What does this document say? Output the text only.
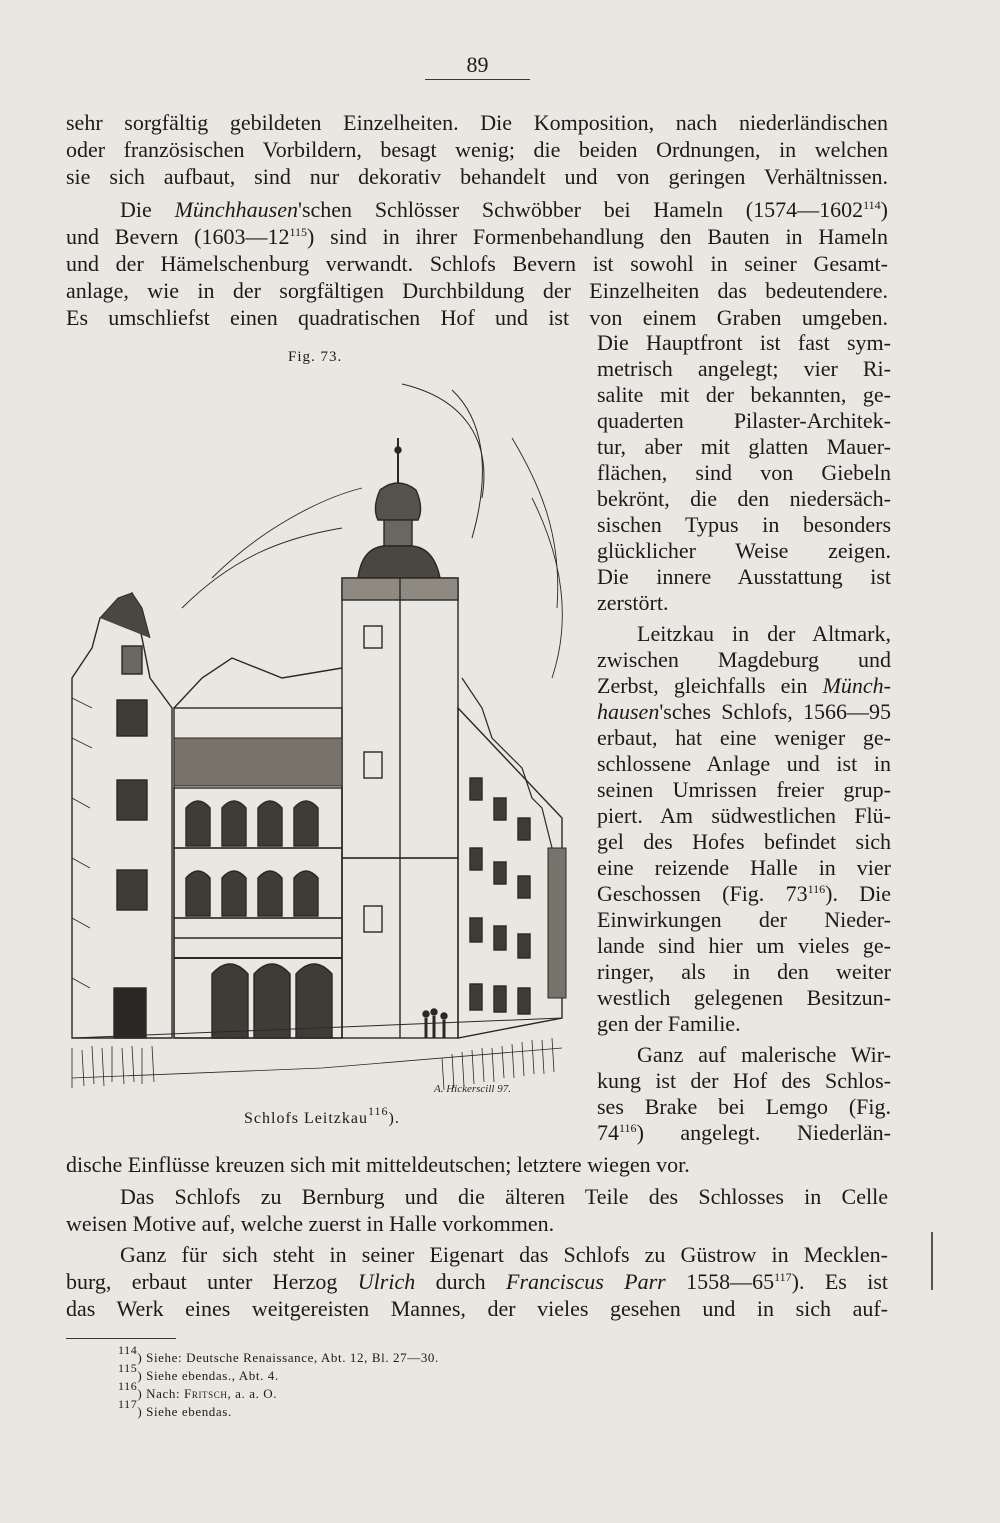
89
sehr sorgfältig gebildeten Einzelheiten. Die Komposition, nach niederländischen
oder französischen Vorbildern, besagt wenig; die beiden Ordnungen, in welchen
sie sich aufbaut, sind nur dekorativ behandelt und von geringen Verhältnissen.
Die Münchhausen'schen Schlösser Schwöbber bei Hameln (1574—1602$^{114}$)
und Bevern $(1603—12^{115})$ sind in ihrer Formenbehandlung den Bauten in Hameln
und der Hämelschenburg verwandt. Schlofs Bevern ist sowohl in seiner Gesamt-
anlage, wie in der sorgfältigen Durchbildung der Einzelheiten das bedeutendere.
Es umschliefst einen quadratischen Hof und ist von einem Graben umgeben.
Fig. 73.
A. Hickerscill 97.
Die Hauptfront ist fast sym-
metrisch angelegt; vier Ri-
salite mit der bekannten, ge-
quaderten Pilaster-Architek-
tur, aber mit glatten Mauer-
flächen, sind von Giebeln
bekrönt, die den niedersäch-
sischen Typus in besonders
glücklicher Weise zeigen.
Die innere Ausstattung ist
zerstört.
Leitzkau in der Altmark,
zwischen Magdeburg und
Zerbst, gleichfalls ein Münch-
hausen'sches Schlofs, 1566—95
erbaut, hat eine weniger ge-
schlossene Anlage und ist in
seinen Umrissen freier grup-
piert. Am südwestlichen Flü-
gel des Hofes befindet sich
eine reizende Halle in vier
Geschossen (Fig. $73^{116}$). Die
Einwirkungen der Nieder-
lande sind hier um vieles ge-
ringer, als in den weiter
westlich gelegenen Besitzun-
gen der Familie.
Ganz auf malerische Wir-
kung ist der Hof des Schlos-
ses Brake bei Lemgo (Fig.
$74^{116}$) angelegt. Niederlän-
Schlofs Leitzkau$^{116}$).
dische Einflüsse kreuzen sich mit mitteldeutschen; letztere wiegen vor.
Das Schlofs zu Bernburg und die älteren Teile des Schlosses in Celle
weisen Motive auf, welche zuerst in Halle vorkommen.
Ganz für sich steht in seiner Eigenart das Schlofs zu Güstrow in Mecklen-
burg, erbaut unter Herzog Ulrich durch Franciscus Parr $1558—65^{117}$). Es ist
das Werk eines weitgereisten Mannes, der vieles gesehen und in sich auf-
114) Siehe: Deutsche Renaissance, Abt. 12, Bl. 27—30.
115) Siehe ebendas., Abt. 4.
116) Nach: Fritsch, a. a. O.
117) Siehe ebendas.
